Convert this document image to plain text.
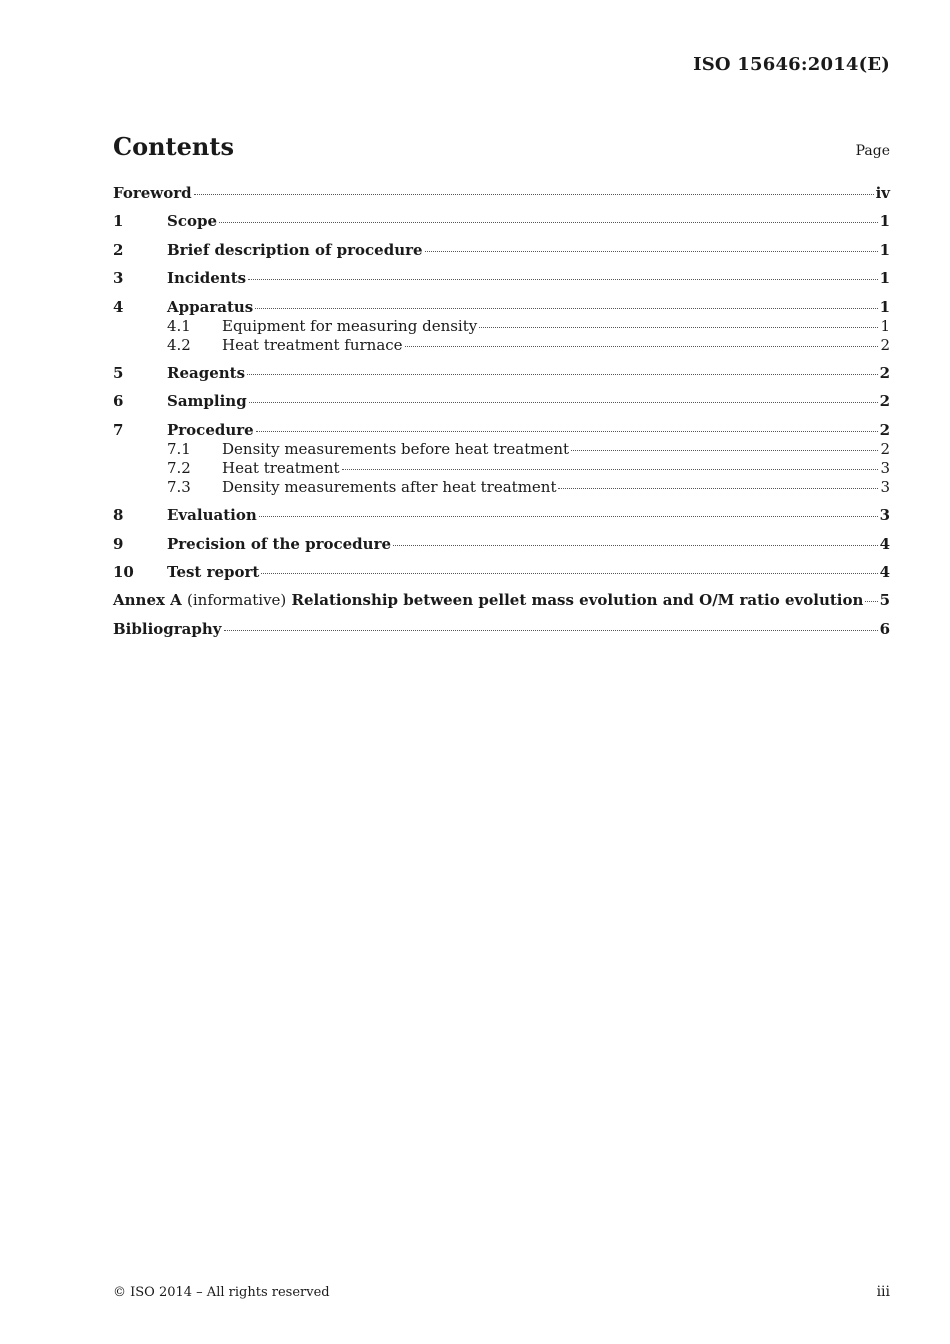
ISO 15646:2014(E)
Contents	Page
Foreword	iv
1	Scope	1
2	Brief description of procedure	1
3	Incidents	1
4	Apparatus	1
4.1	Equipment for measuring density	1
4.2	Heat treatment furnace	2
5	Reagents	2
6	Sampling	2
7	Procedure	2
7.1	Density measurements before heat treatment	2
7.2	Heat treatment	3
7.3	Density measurements after heat treatment	3
8	Evaluation	3
9	Precision of the procedure	4
10	Test report	4
Annex A (informative) Relationship between pellet mass evolution and O/M ratio evolution 5
Bibliography	6
© ISO 2014 – All rights reserved	iii
